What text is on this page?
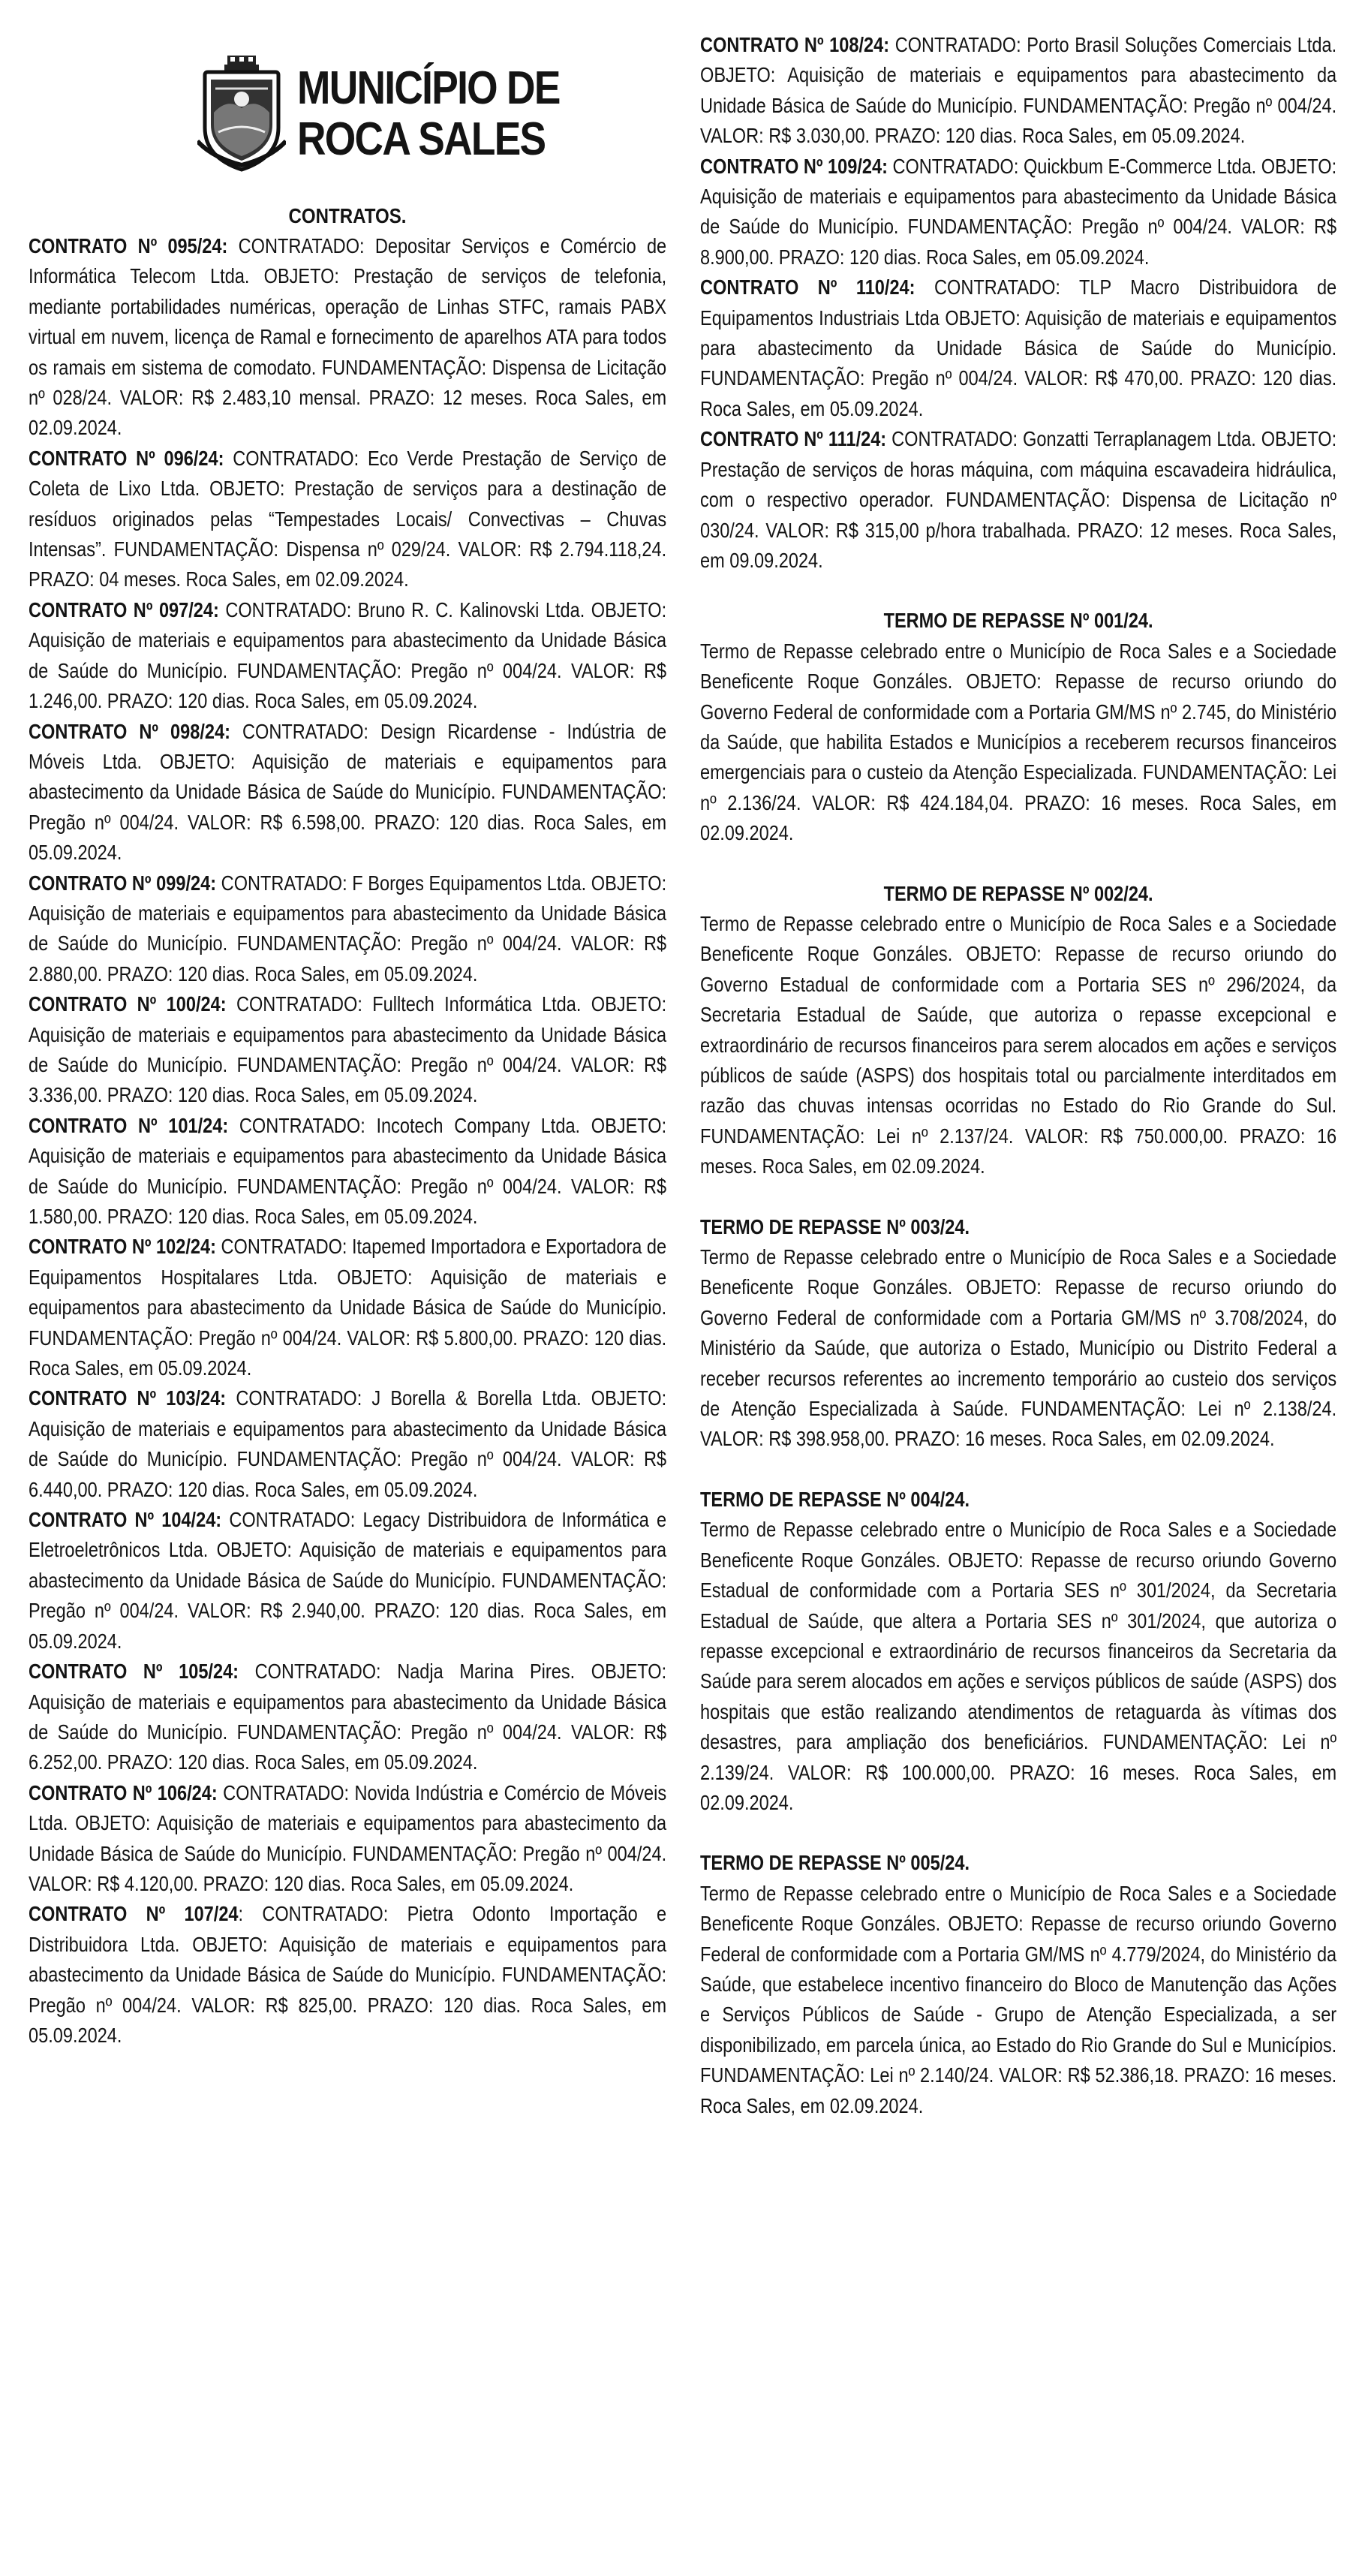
MUNICÍPIO DE
ROCA SALES

CONTRATOS.

CONTRATO Nº 095/24: CONTRATADO: Depositar Serviços e Comércio de Informática Telecom Ltda. OBJETO: Prestação de serviços de telefonia, mediante portabilidades numéricas, operação de Linhas STFC, ramais PABX virtual em nuvem, licença de Ramal e fornecimento de aparelhos ATA para todos os ramais em sistema de comodato. FUNDAMENTAÇÃO: Dispensa de Licitação nº 028/24. VALOR: R$ 2.483,10 mensal. PRAZO: 12 meses. Roca Sales, em 02.09.2024.

CONTRATO Nº 096/24: CONTRATADO: Eco Verde Prestação de Serviço de Coleta de Lixo Ltda. OBJETO: Prestação de serviços para a destinação de resíduos originados pelas “Tempestades Locais/ Convectivas – Chuvas Intensas”. FUNDAMENTAÇÃO: Dispensa nº 029/24. VALOR: R$ 2.794.118,24. PRAZO: 04 meses. Roca Sales, em 02.09.2024.

CONTRATO Nº 097/24: CONTRATADO: Bruno R. C. Kalinovski Ltda. OBJETO: Aquisição de materiais e equipamentos para abastecimento da Unidade Básica de Saúde do Município. FUNDAMENTAÇÃO: Pregão nº 004/24. VALOR: R$ 1.246,00. PRAZO: 120 dias. Roca Sales, em 05.09.2024.

CONTRATO Nº 098/24: CONTRATADO: Design Ricardense - Indústria de Móveis Ltda. OBJETO: Aquisição de materiais e equipamentos para abastecimento da Unidade Básica de Saúde do Município. FUNDAMENTAÇÃO: Pregão nº 004/24. VALOR: R$ 6.598,00. PRAZO: 120 dias. Roca Sales, em 05.09.2024.

CONTRATO Nº 099/24: CONTRATADO: F Borges Equipamentos Ltda. OBJETO: Aquisição de materiais e equipamentos para abastecimento da Unidade Básica de Saúde do Município. FUNDAMENTAÇÃO: Pregão nº 004/24. VALOR: R$ 2.880,00. PRAZO: 120 dias. Roca Sales, em 05.09.2024.

CONTRATO Nº 100/24: CONTRATADO: Fulltech Informática Ltda. OBJETO: Aquisição de materiais e equipamentos para abastecimento da Unidade Básica de Saúde do Município. FUNDAMENTAÇÃO: Pregão nº 004/24. VALOR: R$ 3.336,00. PRAZO: 120 dias. Roca Sales, em 05.09.2024.

CONTRATO Nº 101/24: CONTRATADO: Incotech Company Ltda. OBJETO: Aquisição de materiais e equipamentos para abastecimento da Unidade Básica de Saúde do Município. FUNDAMENTAÇÃO: Pregão nº 004/24. VALOR: R$ 1.580,00. PRAZO: 120 dias. Roca Sales, em 05.09.2024.

CONTRATO Nº 102/24: CONTRATADO: Itapemed Importadora e Exportadora de Equipamentos Hospitalares Ltda. OBJETO: Aquisição de materiais e equipamentos para abastecimento da Unidade Básica de Saúde do Município. FUNDAMENTAÇÃO: Pregão nº 004/24. VALOR: R$ 5.800,00. PRAZO: 120 dias. Roca Sales, em 05.09.2024.

CONTRATO Nº 103/24: CONTRATADO: J Borella & Borella Ltda. OBJETO: Aquisição de materiais e equipamentos para abastecimento da Unidade Básica de Saúde do Município. FUNDAMENTAÇÃO: Pregão nº 004/24. VALOR: R$ 6.440,00. PRAZO: 120 dias. Roca Sales, em 05.09.2024.

CONTRATO Nº 104/24: CONTRATADO: Legacy Distribuidora de Informática e Eletroeletrônicos Ltda. OBJETO: Aquisição de materiais e equipamentos para abastecimento da Unidade Básica de Saúde do Município. FUNDAMENTAÇÃO: Pregão nº 004/24. VALOR: R$ 2.940,00. PRAZO: 120 dias. Roca Sales, em 05.09.2024.

CONTRATO Nº 105/24: CONTRATADO: Nadja Marina Pires. OBJETO: Aquisição de materiais e equipamentos para abastecimento da Unidade Básica de Saúde do Município. FUNDAMENTAÇÃO: Pregão nº 004/24. VALOR: R$ 6.252,00. PRAZO: 120 dias. Roca Sales, em 05.09.2024.

CONTRATO Nº 106/24: CONTRATADO: Novida Indústria e Comércio de Móveis Ltda. OBJETO: Aquisição de materiais e equipamentos para abastecimento da Unidade Básica de Saúde do Município. FUNDAMENTAÇÃO: Pregão nº 004/24. VALOR: R$ 4.120,00. PRAZO: 120 dias. Roca Sales, em 05.09.2024.

CONTRATO Nº 107/24: CONTRATADO: Pietra Odonto Importação e Distribuidora Ltda. OBJETO: Aquisição de materiais e equipamentos para abastecimento da Unidade Básica de Saúde do Município. FUNDAMENTAÇÃO: Pregão nº 004/24. VALOR: R$ 825,00. PRAZO: 120 dias. Roca Sales, em 05.09.2024.

CONTRATO Nº 108/24: CONTRATADO: Porto Brasil Soluções Comerciais Ltda. OBJETO: Aquisição de materiais e equipamentos para abastecimento da Unidade Básica de Saúde do Município. FUNDAMENTAÇÃO: Pregão nº 004/24. VALOR: R$ 3.030,00. PRAZO: 120 dias. Roca Sales, em 05.09.2024.

CONTRATO Nº 109/24: CONTRATADO: Quickbum E-Commerce Ltda. OBJETO: Aquisição de materiais e equipamentos para abastecimento da Unidade Básica de Saúde do Município. FUNDAMENTAÇÃO: Pregão nº 004/24. VALOR: R$ 8.900,00. PRAZO: 120 dias. Roca Sales, em 05.09.2024.

CONTRATO Nº 110/24: CONTRATADO: TLP Macro Distribuidora de Equipamentos Industriais Ltda OBJETO: Aquisição de materiais e equipamentos para abastecimento da Unidade Básica de Saúde do Município. FUNDAMENTAÇÃO: Pregão nº 004/24. VALOR: R$ 470,00. PRAZO: 120 dias. Roca Sales, em 05.09.2024.

CONTRATO Nº 111/24: CONTRATADO: Gonzatti Terraplanagem Ltda. OBJETO: Prestação de serviços de horas máquina, com máquina escavadeira hidráulica, com o respectivo operador. FUNDAMENTAÇÃO: Dispensa de Licitação nº 030/24. VALOR: R$ 315,00 p/hora trabalhada. PRAZO: 12 meses. Roca Sales, em 09.09.2024.

TERMO DE REPASSE Nº 001/24.

Termo de Repasse celebrado entre o Município de Roca Sales e a Sociedade Beneficente Roque Gonzáles. OBJETO: Repasse de recurso oriundo do Governo Federal de conformidade com a Portaria GM/MS nº 2.745, do Ministério da Saúde, que habilita Estados e Municípios a receberem recursos financeiros emergenciais para o custeio da Atenção Especializada. FUNDAMENTAÇÃO: Lei nº 2.136/24. VALOR: R$ 424.184,04. PRAZO: 16 meses. Roca Sales, em 02.09.2024.

TERMO DE REPASSE Nº 002/24.

Termo de Repasse celebrado entre o Município de Roca Sales e a Sociedade Beneficente Roque Gonzáles. OBJETO: Repasse de recurso oriundo do Governo Estadual de conformidade com a Portaria SES nº 296/2024, da Secretaria Estadual de Saúde, que autoriza o repasse excepcional e extraordinário de recursos financeiros para serem alocados em ações e serviços públicos de saúde (ASPS) dos hospitais total ou parcialmente interditados em razão das chuvas intensas ocorridas no Estado do Rio Grande do Sul. FUNDAMENTAÇÃO: Lei nº 2.137/24. VALOR: R$ 750.000,00. PRAZO: 16 meses. Roca Sales, em 02.09.2024.

TERMO DE REPASSE Nº 003/24.

Termo de Repasse celebrado entre o Município de Roca Sales e a Sociedade Beneficente Roque Gonzáles. OBJETO: Repasse de recurso oriundo do Governo Federal de conformidade com a Portaria GM/MS nº 3.708/2024, do Ministério da Saúde, que autoriza o Estado, Município ou Distrito Federal a receber recursos referentes ao incremento temporário ao custeio dos serviços de Atenção Especializada à Saúde. FUNDAMENTAÇÃO: Lei nº 2.138/24. VALOR: R$ 398.958,00. PRAZO: 16 meses. Roca Sales, em 02.09.2024.

TERMO DE REPASSE Nº 004/24.

Termo de Repasse celebrado entre o Município de Roca Sales e a Sociedade Beneficente Roque Gonzáles. OBJETO: Repasse de recurso oriundo Governo Estadual de conformidade com a Portaria SES nº 301/2024, da Secretaria Estadual de Saúde, que altera a Portaria SES nº 301/2024, que autoriza o repasse excepcional e extraordinário de recursos financeiros da Secretaria da Saúde para serem alocados em ações e serviços públicos de saúde (ASPS) dos hospitais que estão realizando atendimentos de retaguarda às vítimas dos desastres, para ampliação dos beneficiários. FUNDAMENTAÇÃO: Lei nº 2.139/24. VALOR: R$ 100.000,00. PRAZO: 16 meses. Roca Sales, em 02.09.2024.

TERMO DE REPASSE Nº 005/24.

Termo de Repasse celebrado entre o Município de Roca Sales e a Sociedade Beneficente Roque Gonzáles. OBJETO: Repasse de recurso oriundo Governo Federal de conformidade com a Portaria GM/MS nº 4.779/2024, do Ministério da Saúde, que estabelece incentivo financeiro do Bloco de Manutenção das Ações e Serviços Públicos de Saúde - Grupo de Atenção Especializada, a ser disponibilizado, em parcela única, ao Estado do Rio Grande do Sul e Municípios. FUNDAMENTAÇÃO: Lei nº 2.140/24. VALOR: R$ 52.386,18. PRAZO: 16 meses. Roca Sales, em 02.09.2024.
